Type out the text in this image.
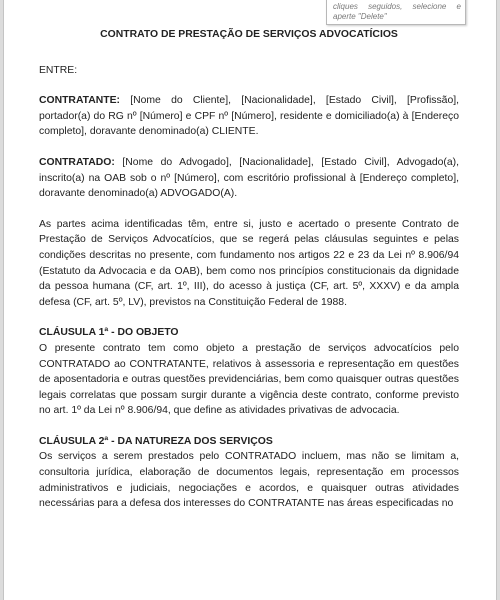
cliques seguidos, selecione e aperte "Delete"
CONTRATO DE PRESTAÇÃO DE SERVIÇOS ADVOCATÍCIOS

ENTRE:

CONTRATANTE: [Nome do Cliente], [Nacionalidade], [Estado Civil], [Profissão], portador(a) do RG nº [Número] e CPF nº [Número], residente e domiciliado(a) à [Endereço completo], doravante denominado(a) CLIENTE.

CONTRATADO: [Nome do Advogado], [Nacionalidade], [Estado Civil], Advogado(a), inscrito(a) na OAB sob o nº [Número], com escritório profissional à [Endereço completo], doravante denominado(a) ADVOGADO(A).

As partes acima identificadas têm, entre si, justo e acertado o presente Contrato de Prestação de Serviços Advocatícios, que se regerá pelas cláusulas seguintes e pelas condições descritas no presente, com fundamento nos artigos 22 e 23 da Lei nº 8.906/94 (Estatuto da Advocacia e da OAB), bem como nos princípios constitucionais da dignidade da pessoa humana (CF, art. 1º, III), do acesso à justiça (CF, art. 5º, XXXV) e da ampla defesa (CF, art. 5º, LV), previstos na Constituição Federal de 1988.

CLÁUSULA 1ª - DO OBJETO

O presente contrato tem como objeto a prestação de serviços advocatícios pelo CONTRATADO ao CONTRATANTE, relativos à assessoria e representação em questões de aposentadoria e outras questões previdenciárias, bem como quaisquer outras questões legais correlatas que possam surgir durante a vigência deste contrato, conforme previsto no art. 1º da Lei nº 8.906/94, que define as atividades privativas de advocacia.

CLÁUSULA 2ª - DA NATUREZA DOS SERVIÇOS

Os serviços a serem prestados pelo CONTRATADO incluem, mas não se limitam a, consultoria jurídica, elaboração de documentos legais, representação em processos administrativos e judiciais, negociações e acordos, e quaisquer outras atividades necessárias para a defesa dos interesses do CONTRATANTE nas áreas especificadas no
